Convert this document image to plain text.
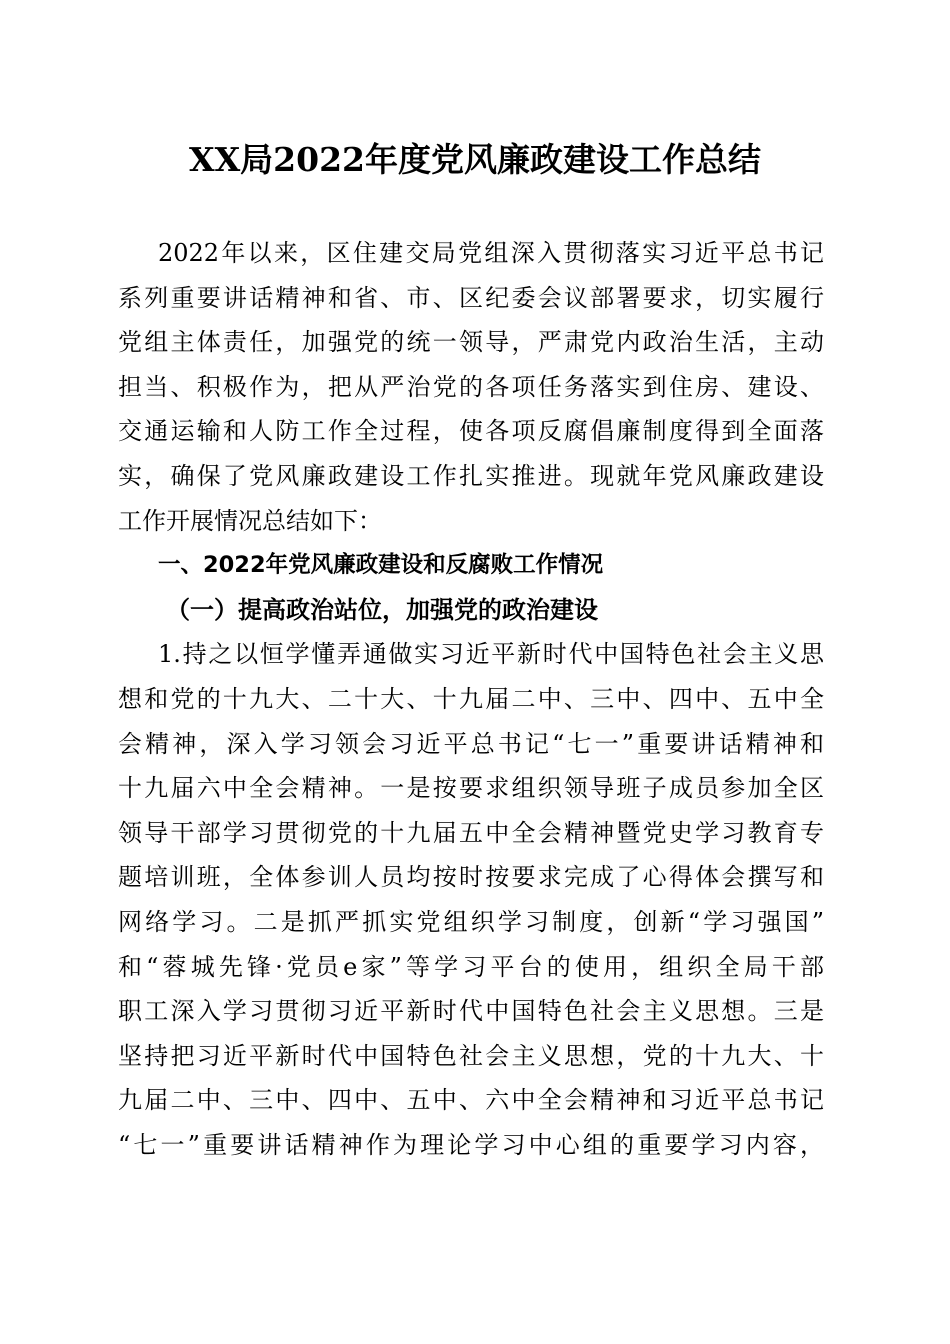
XX局2022年度党风廉政建设工作总结
2022年以来，区住建交局党组深入贯彻落实习近平总书记
系列重要讲话精神和省、市、区纪委会议部署要求，切实履行
党组主体责任，加强党的统一领导，严肃党内政治生活，主动
担当、积极作为，把从严治党的各项任务落实到住房、建设、
交通运输和人防工作全过程，使各项反腐倡廉制度得到全面落
实，确保了党风廉政建设工作扎实推进。现就年党风廉政建设
工作开展情况总结如下：
一、2022年党风廉政建设和反腐败工作情况
（一）提高政治站位，加强党的政治建设
1.持之以恒学懂弄通做实习近平新时代中国特色社会主义思
想和党的十九大、二十大、十九届二中、三中、四中、五中全
会精神，深入学习领会习近平总书记“七一”重要讲话精神和
十九届六中全会精神。一是按要求组织领导班子成员参加全区
领导干部学习贯彻党的十九届五中全会精神暨党史学习教育专
题培训班，全体参训人员均按时按要求完成了心得体会撰写和
网络学习。二是抓严抓实党组织学习制度，创新“学习强国”
和“蓉城先锋·党员e家”等学习平台的使用，组织全局干部
职工深入学习贯彻习近平新时代中国特色社会主义思想。三是
坚持把习近平新时代中国特色社会主义思想，党的十九大、十
九届二中、三中、四中、五中、六中全会精神和习近平总书记
“七一”重要讲话精神作为理论学习中心组的重要学习内容，
